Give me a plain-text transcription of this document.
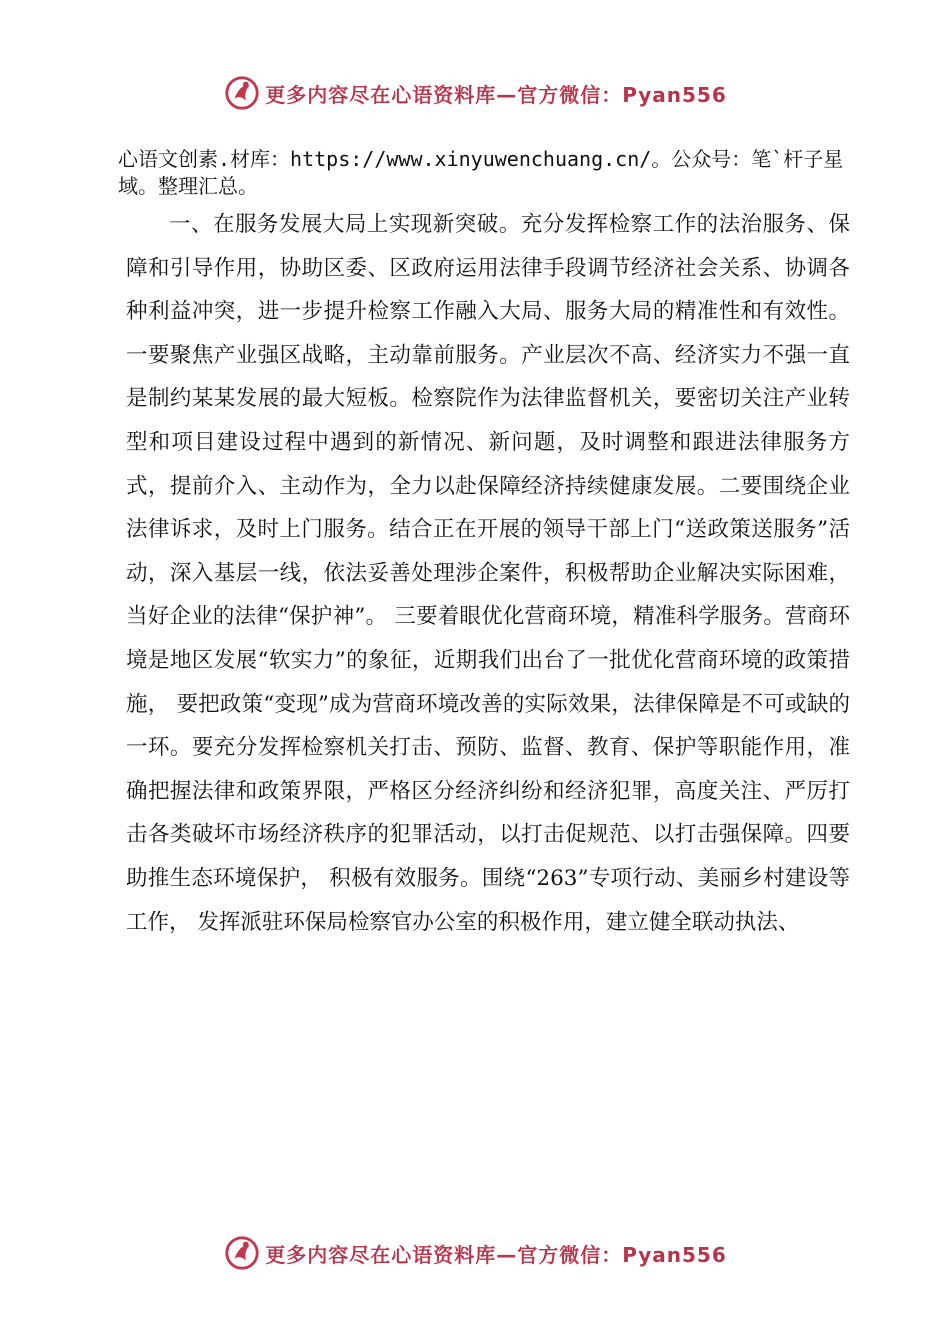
更多内容尽在心语资料库—官方微信：Pyan556
心语文创素.材库：https://www.xinyuwenchuang.cn/。公众号：笔`杆子星域。整理汇总。
一、在服务发展大局上实现新突破。充分发挥检察工作的法治服务、保障和引导作用，协助区委、区政府运用法律手段调节经济社会关系、协调各种利益冲突，进一步提升检察工作融入大局、服务大局的精准性和有效性。一要聚焦产业强区战略，主动靠前服务。产业层次不高、经济实力不强一直是制约某某发展的最大短板。检察院作为法律监督机关，要密切关注产业转型和项目建设过程中遇到的新情况、新问题，及时调整和跟进法律服务方式，提前介入、主动作为，全力以赴保障经济持续健康发展。二要围绕企业法律诉求，及时上门服务。结合正在开展的领导干部上门“送政策送服务”活动，深入基层一线，依法妥善处理涉企案件，积极帮助企业解决实际困难，当好企业的法律“保护神”。 三要着眼优化营商环境，精准科学服务。营商环境是地区发展“软实力”的象征，近期我们出台了一批优化营商环境的政策措施， 要把政策“变现”成为营商环境改善的实际效果，法律保障是不可或缺的一环。要充分发挥检察机关打击、预防、监督、教育、保护等职能作用，准确把握法律和政策界限，严格区分经济纠纷和经济犯罪，高度关注、严厉打击各类破坏市场经济秩序的犯罪活动，以打击促规范、以打击强保障。四要助推生态环境保护， 积极有效服务。围绕“263”专项行动、美丽乡村建设等工作， 发挥派驻环保局检察官办公室的积极作用，建立健全联动执法、
更多内容尽在心语资料库—官方微信：Pyan556
